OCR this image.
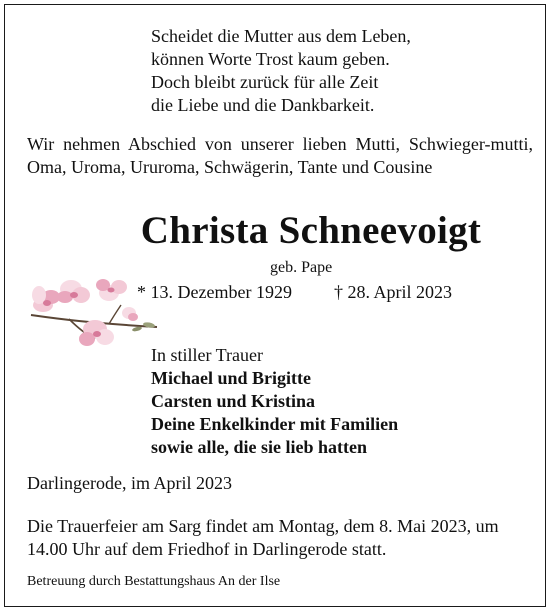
Scheidet die Mutter aus dem Leben,
können Worte Trost kaum geben.
Doch bleibt zurück für alle Zeit
die Liebe und die Dankbarkeit.
Wir nehmen Abschied von unserer lieben Mutti, Schwieger-mutti, Oma, Uroma, Ururoma, Schwägerin, Tante und Cousine
Christa Schneevoigt
geb. Pape
* 13. Dezember 1929 † 28. April 2023
In stiller Trauer
Michael und Brigitte
Carsten und Kristina
Deine Enkelkinder mit Familien
sowie alle, die sie lieb hatten
Darlingerode, im April 2023
Die Trauerfeier am Sarg findet am Montag, dem 8. Mai 2023, um 14.00 Uhr auf dem Friedhof in Darlingerode statt.
Betreuung durch Bestattungshaus An der Ilse
